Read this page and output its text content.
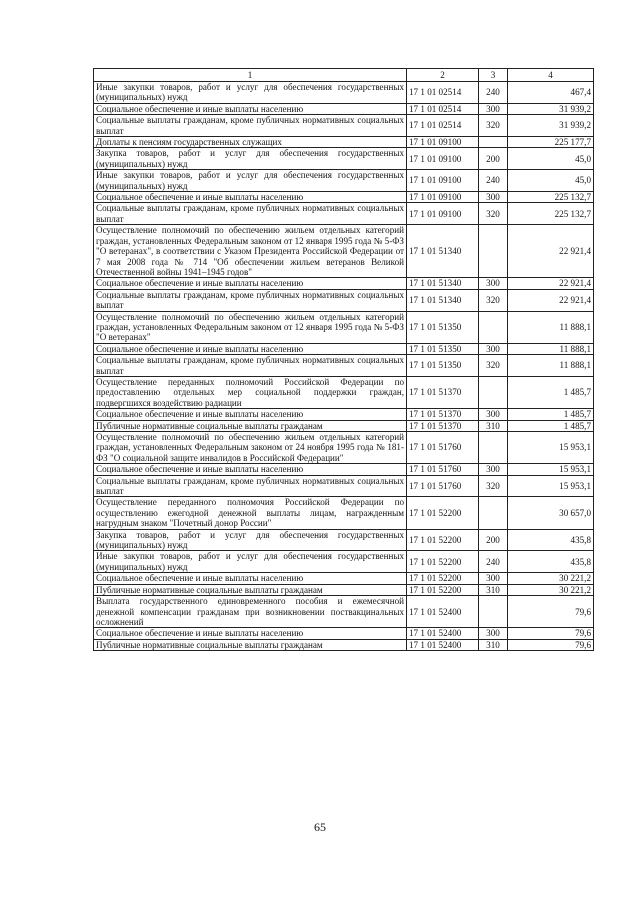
1	2	3	4
Иные закупки товаров, работ и услуг для обеспечения государственных (муниципальных) нужд	17 1 01 02514	240	467,4
Социальное обеспечение и иные выплаты населению	17 1 01 02514	300	31 939,2
Социальные выплаты гражданам, кроме публичных нормативных социальных выплат	17 1 01 02514	320	31 939,2
Доплаты к пенсиям государственных служащих	17 1 01 09100		225 177,7
Закупка товаров, работ и услуг для обеспечения государственных (муниципальных) нужд	17 1 01 09100	200	45,0
Иные закупки товаров, работ и услуг для обеспечения государственных (муниципальных) нужд	17 1 01 09100	240	45,0
Социальное обеспечение и иные выплаты населению	17 1 01 09100	300	225 132,7
Социальные выплаты гражданам, кроме публичных нормативных социальных выплат	17 1 01 09100	320	225 132,7
Осуществление полномочий по обеспечению жильем отдельных категорий граждан, установленных Федеральным законом от 12 января 1995 года № 5-ФЗ "О ветеранах", в соответствии с Указом Президента Российской Федерации от 7 мая 2008 года № 714 "Об обеспечении жильем ветеранов Великой Отечественной войны 1941–1945 годов"	17 1 01 51340		22 921,4
Социальное обеспечение и иные выплаты населению	17 1 01 51340	300	22 921,4
Социальные выплаты гражданам, кроме публичных нормативных социальных выплат	17 1 01 51340	320	22 921,4
Осуществление полномочий по обеспечению жильем отдельных категорий граждан, установленных Федеральным законом от 12 января 1995 года № 5-ФЗ "О ветеранах"	17 1 01 51350		11 888,1
Социальное обеспечение и иные выплаты населению	17 1 01 51350	300	11 888,1
Социальные выплаты гражданам, кроме публичных нормативных социальных выплат	17 1 01 51350	320	11 888,1
Осуществление переданных полномочий Российской Федерации по предоставлению отдельных мер социальной поддержки граждан, подвергшихся воздействию радиации	17 1 01 51370		1 485,7
Социальное обеспечение и иные выплаты населению	17 1 01 51370	300	1 485,7
Публичные нормативные социальные выплаты гражданам	17 1 01 51370	310	1 485,7
Осуществление полномочий по обеспечению жильем отдельных категорий граждан, установленных Федеральным законом от 24 ноября 1995 года № 181-ФЗ "О социальной защите инвалидов в Российской Федерации"	17 1 01 51760		15 953,1
Социальное обеспечение и иные выплаты населению	17 1 01 51760	300	15 953,1
Социальные выплаты гражданам, кроме публичных нормативных социальных выплат	17 1 01 51760	320	15 953,1
Осуществление переданного полномочия Российской Федерации по осуществлению ежегодной денежной выплаты лицам, награжденным нагрудным знаком "Почетный донор России"	17 1 01 52200		30 657,0
Закупка товаров, работ и услуг для обеспечения государственных (муниципальных) нужд	17 1 01 52200	200	435,8
Иные закупки товаров, работ и услуг для обеспечения государственных (муниципальных) нужд	17 1 01 52200	240	435,8
Социальное обеспечение и иные выплаты населению	17 1 01 52200	300	30 221,2
Публичные нормативные социальные выплаты гражданам	17 1 01 52200	310	30 221,2
Выплата государственного единовременного пособия и ежемесячной денежной компенсации гражданам при возникновении поствакцинальных осложнений	17 1 01 52400		79,6
Социальное обеспечение и иные выплаты населению	17 1 01 52400	300	79,6
Публичные нормативные социальные выплаты гражданам	17 1 01 52400	310	79,6
65
